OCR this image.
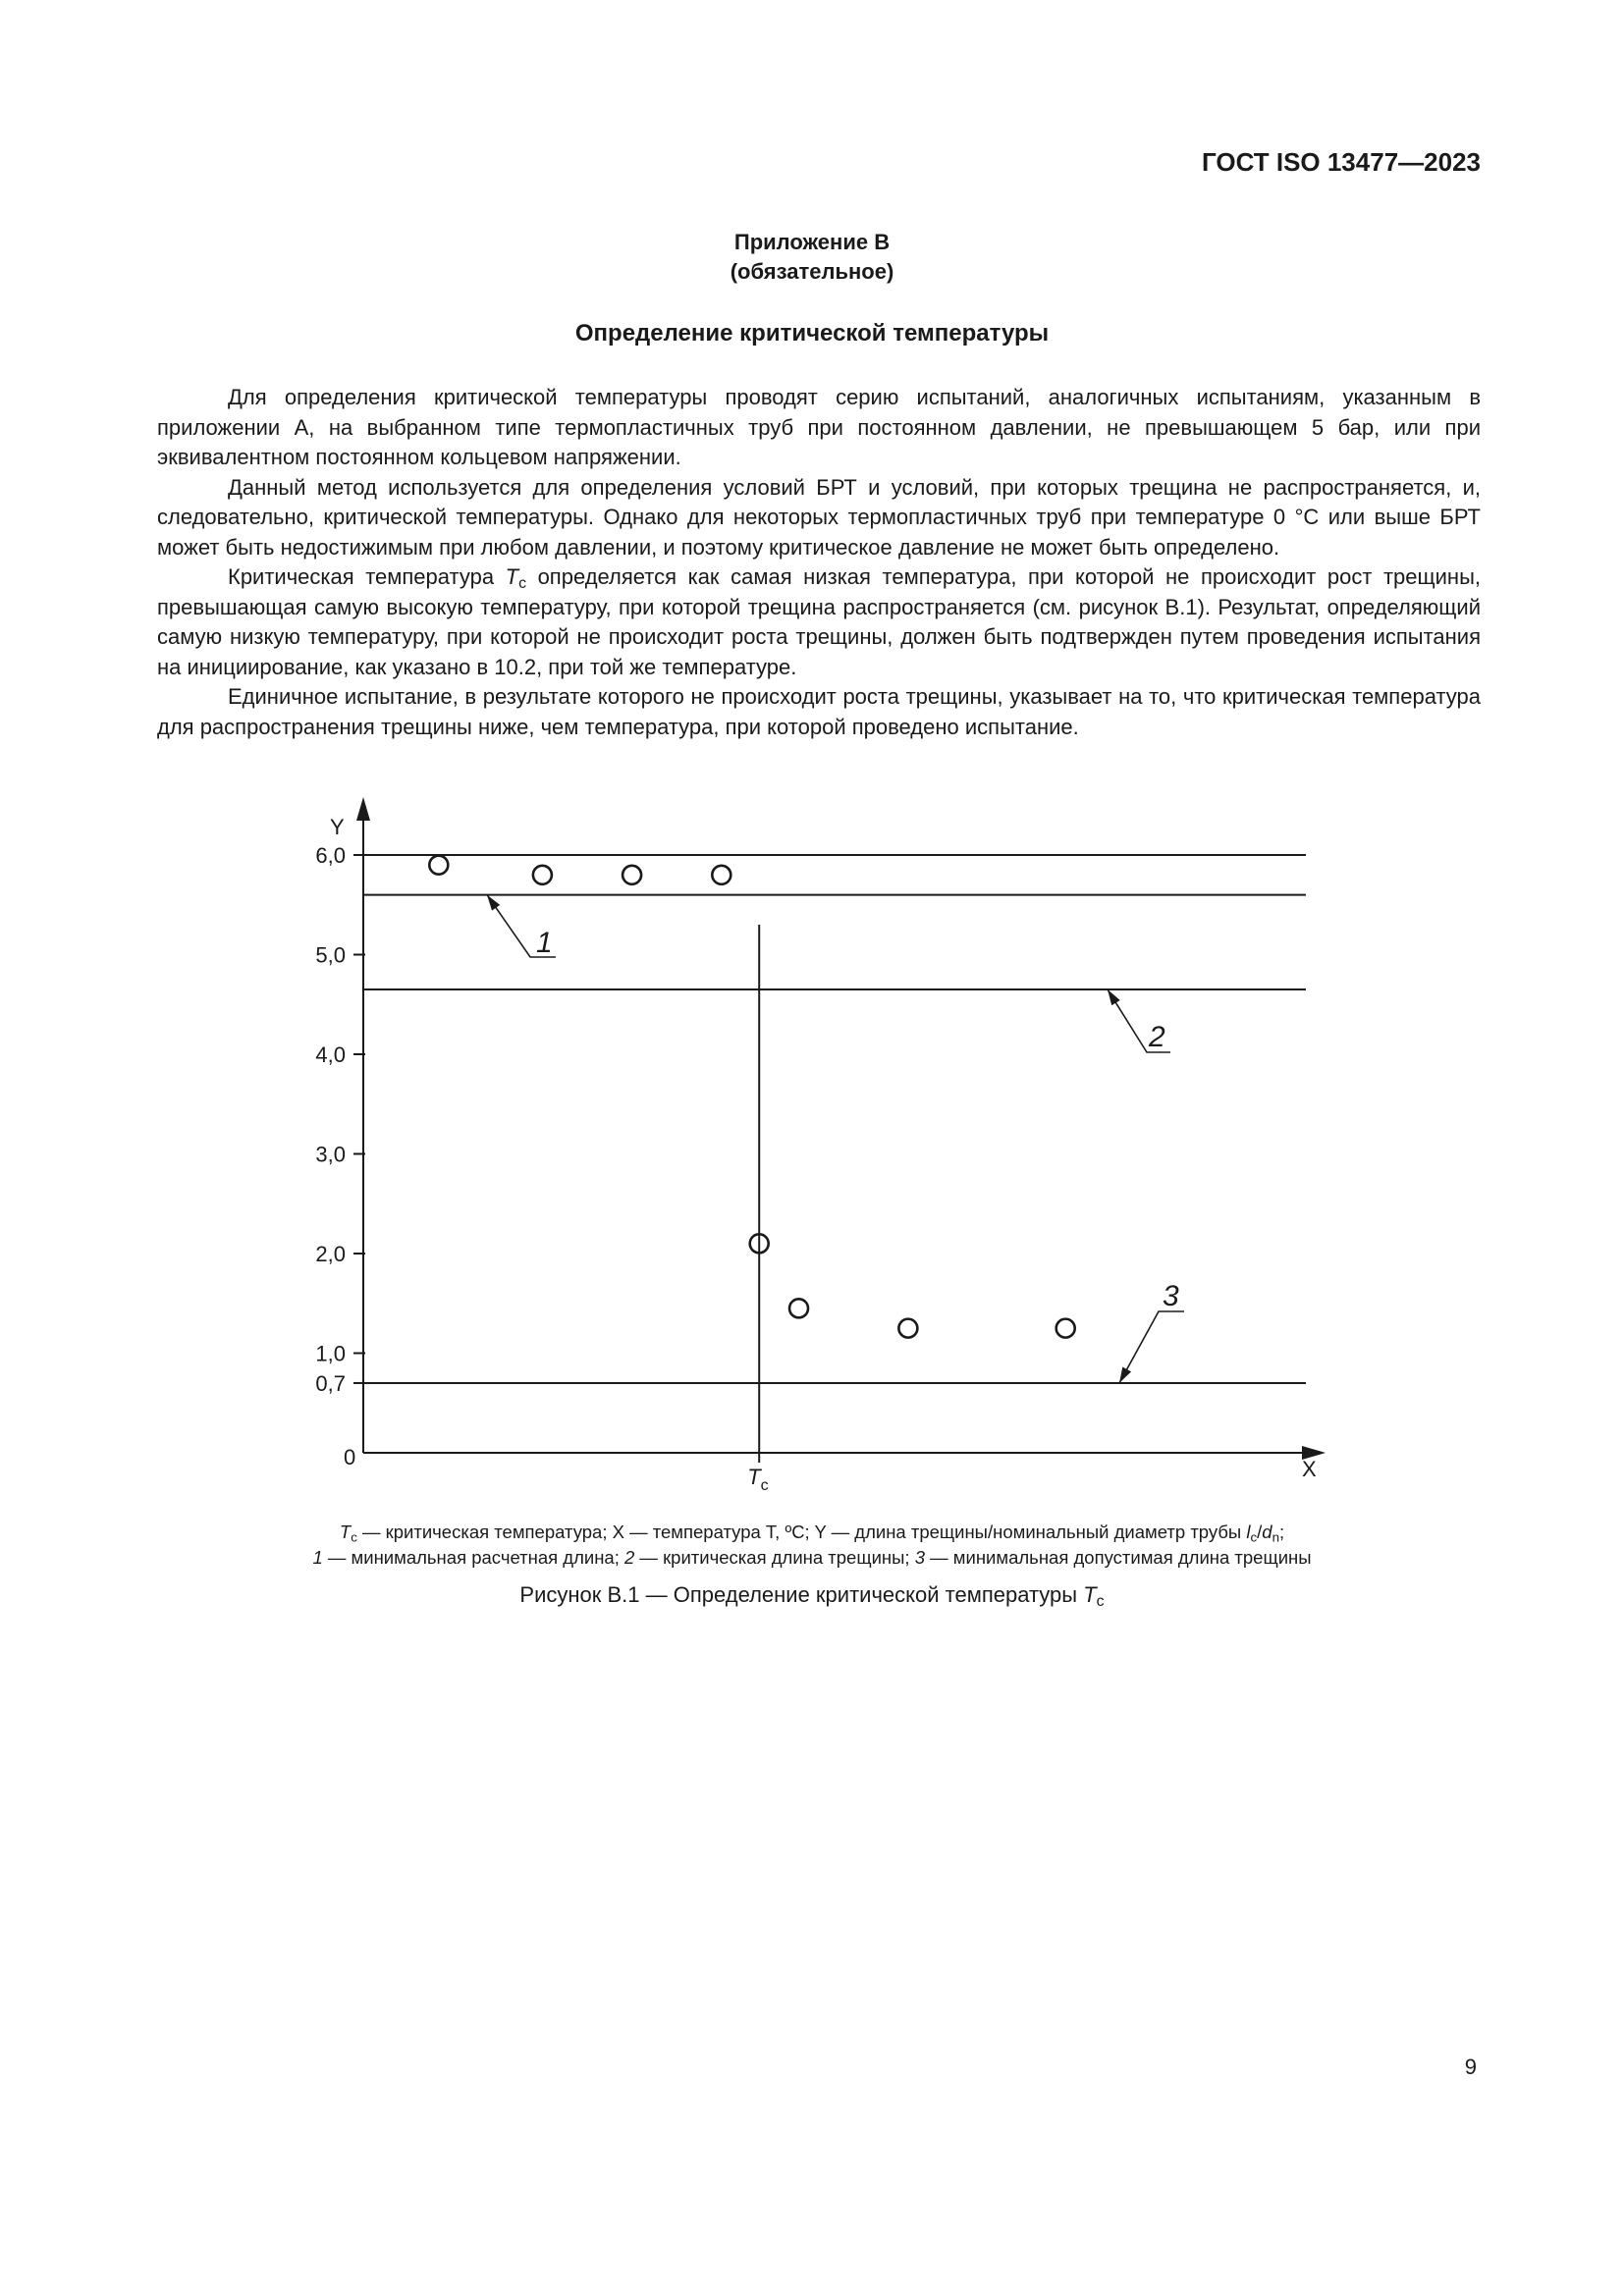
ГОСТ ISO 13477—2023
Приложение В
(обязательное)
Определение критической температуры

Для определения критической температуры проводят серию испытаний, аналогичных испытаниям, указанным в приложении А, на выбранном типе термопластичных труб при постоянном давлении, не превышающем 5 бар, или при эквивалентном постоянном кольцевом напряжении.

Данный метод используется для определения условий БРТ и условий, при которых трещина не распространяется, и, следовательно, критической температуры. Однако для некоторых термопластичных труб при температуре 0 °С или выше БРТ может быть недостижимым при любом давлении, и поэтому критическое давление не может быть определено.

Критическая температура $T_c$ определяется как самая низкая температура, при которой не происходит рост трещины, превышающая самую высокую температуру, при которой трещина распространяется (см. рисунок В.1). Результат, определяющий самую низкую температуру, при которой не происходит роста трещины, должен быть подтвержден путем проведения испытания на инициирование, как указано в 10.2, при той же температуре.

Единичное испытание, в результате которого не происходит роста трещины, указывает на то, что критическая температура для распространения трещины ниже, чем температура, при которой проведено испытание.

6,0
5,0
4,0
3,0
2,0
1,0
0,7
1
2
3
Y
X
0
$T_c$
$T_c$ — критическая температура; X — температура T, ºC; Y — длина трещины/номинальный диаметр трубы $l_c/d_n$;
1 — минимальная расчетная длина; 2 — критическая длина трещины; 3 — минимальная допустимая длина трещины
Рисунок В.1 — Определение критической температуры $T_c$
9
